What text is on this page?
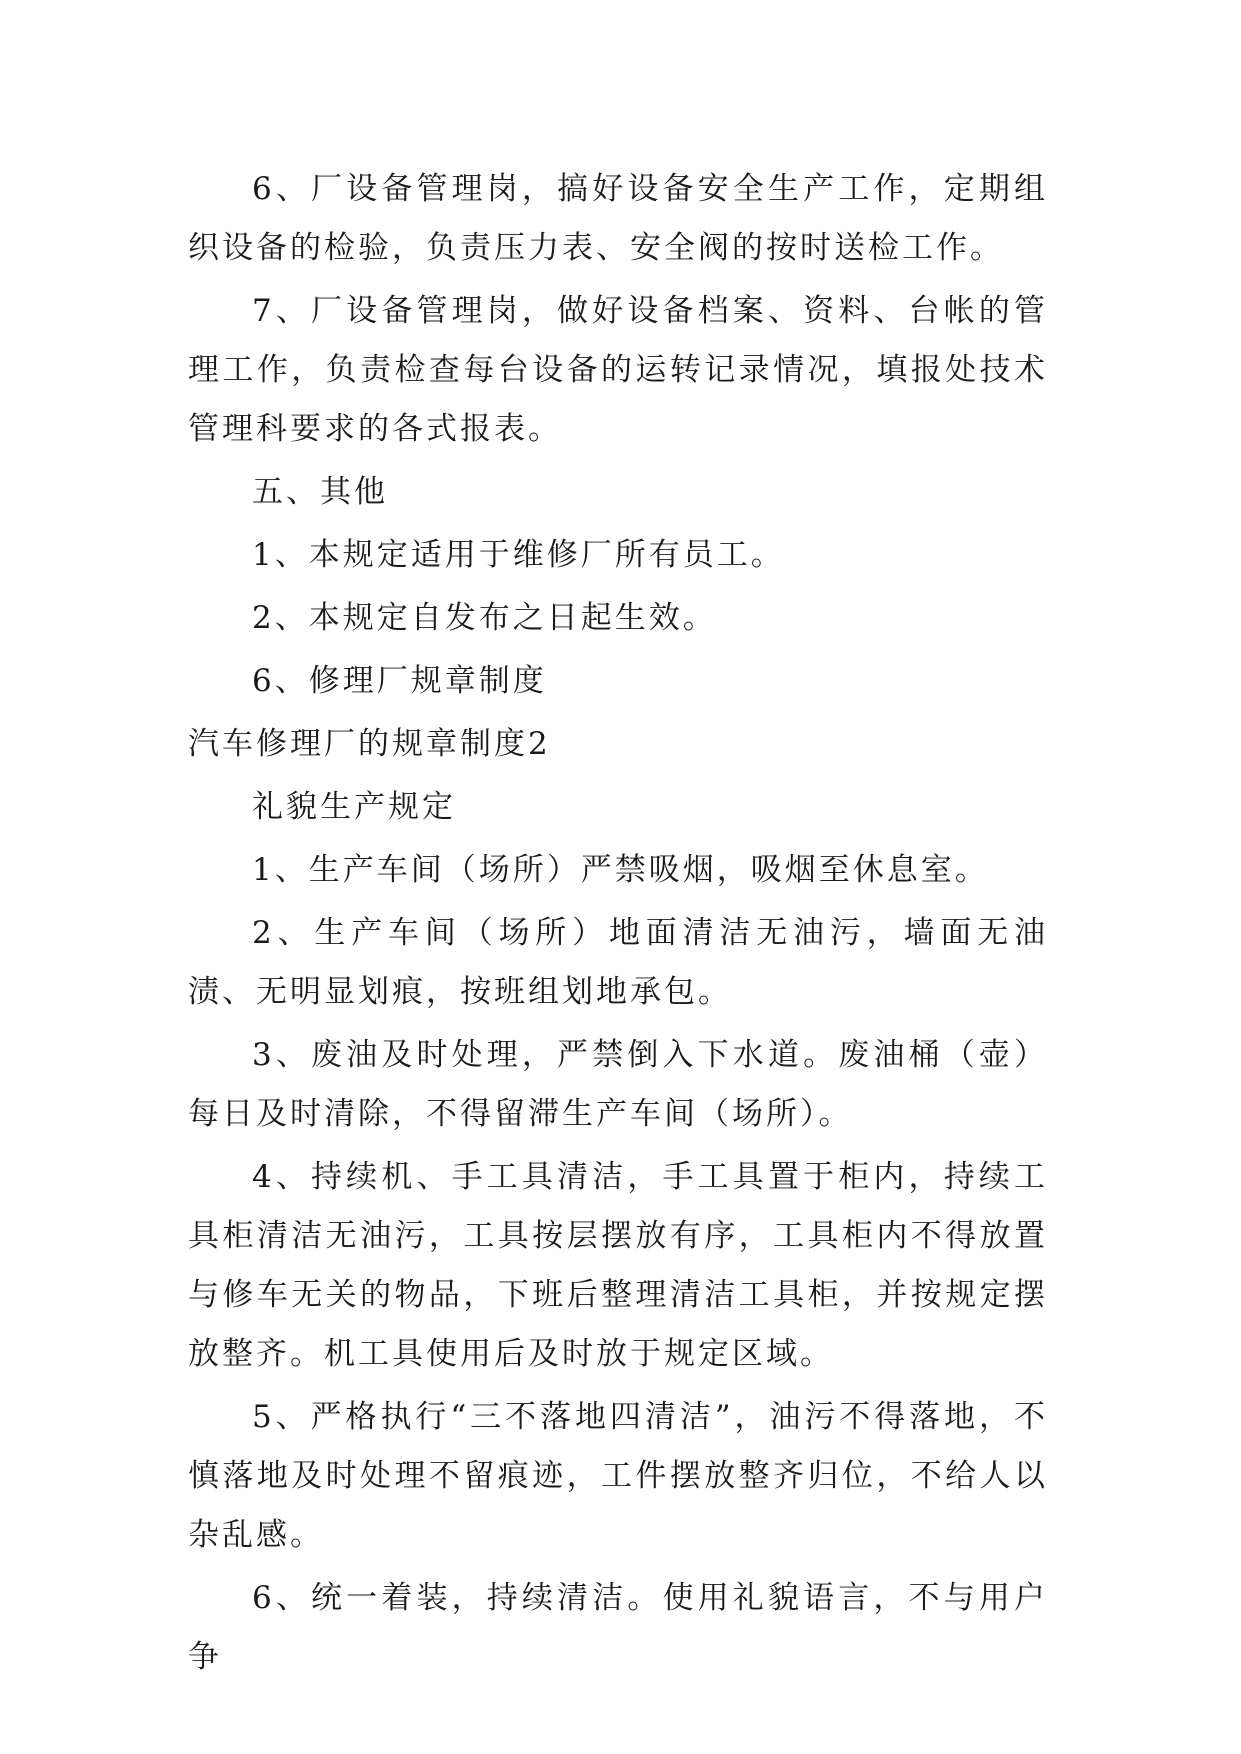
6、厂设备管理岗，搞好设备安全生产工作，定期组织设备的检验，负责压力表、安全阀的按时送检工作。

7、厂设备管理岗，做好设备档案、资料、台帐的管理工作，负责检查每台设备的运转记录情况，填报处技术管理科要求的各式报表。

五、其他

1、本规定适用于维修厂所有员工。

2、本规定自发布之日起生效。

6、修理厂规章制度

汽车修理厂的规章制度2

礼貌生产规定

1、生产车间（场所）严禁吸烟，吸烟至休息室。

2、生产车间（场所）地面清洁无油污，墙面无油渍、无明显划痕，按班组划地承包。

3、废油及时处理，严禁倒入下水道。废油桶（壶）每日及时清除，不得留滞生产车间（场所）。

4、持续机、手工具清洁，手工具置于柜内，持续工具柜清洁无油污，工具按层摆放有序，工具柜内不得放置与修车无关的物品，下班后整理清洁工具柜，并按规定摆放整齐。机工具使用后及时放于规定区域。

5、严格执行“三不落地四清洁”，油污不得落地，不慎落地及时处理不留痕迹，工件摆放整齐归位，不给人以杂乱感。

6、统一着装，持续清洁。使用礼貌语言，不与用户争
